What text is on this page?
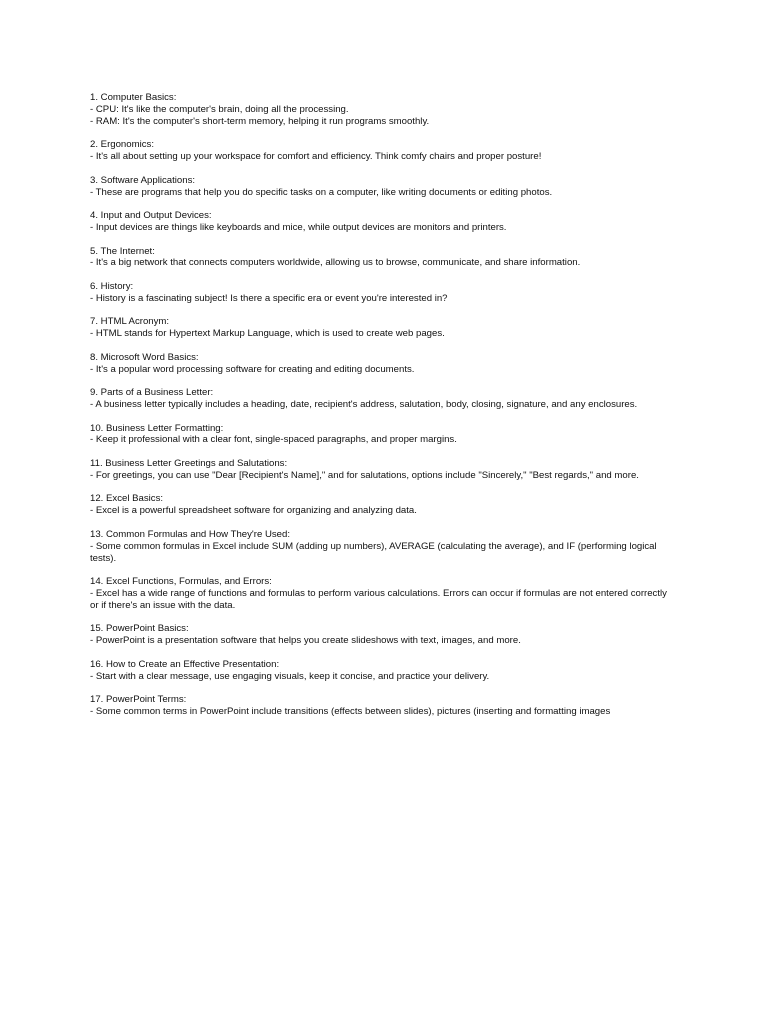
1. Computer Basics:
- CPU: It's like the computer's brain, doing all the processing.
- RAM: It's the computer's short-term memory, helping it run programs smoothly.
2. Ergonomics:
- It's all about setting up your workspace for comfort and efficiency. Think comfy chairs and proper posture!
3. Software Applications:
- These are programs that help you do specific tasks on a computer, like writing documents or editing photos.
4. Input and Output Devices:
- Input devices are things like keyboards and mice, while output devices are monitors and printers.
5. The Internet:
- It's a big network that connects computers worldwide, allowing us to browse, communicate, and share information.
6. History:
- History is a fascinating subject! Is there a specific era or event you're interested in?
7. HTML Acronym:
- HTML stands for Hypertext Markup Language, which is used to create web pages.
8. Microsoft Word Basics:
- It's a popular word processing software for creating and editing documents.
9. Parts of a Business Letter:
- A business letter typically includes a heading, date, recipient's address, salutation, body, closing, signature, and any enclosures.
10. Business Letter Formatting:
- Keep it professional with a clear font, single-spaced paragraphs, and proper margins.
11. Business Letter Greetings and Salutations:
- For greetings, you can use "Dear [Recipient's Name]," and for salutations, options include "Sincerely," "Best regards," and more.
12. Excel Basics:
- Excel is a powerful spreadsheet software for organizing and analyzing data.
13. Common Formulas and How They're Used:
- Some common formulas in Excel include SUM (adding up numbers), AVERAGE (calculating the average), and IF (performing logical tests).
14. Excel Functions, Formulas, and Errors:
- Excel has a wide range of functions and formulas to perform various calculations. Errors can occur if formulas are not entered correctly or if there's an issue with the data.
15. PowerPoint Basics:
- PowerPoint is a presentation software that helps you create slideshows with text, images, and more.
16. How to Create an Effective Presentation:
- Start with a clear message, use engaging visuals, keep it concise, and practice your delivery.
17. PowerPoint Terms:
- Some common terms in PowerPoint include transitions (effects between slides), pictures (inserting and formatting images
